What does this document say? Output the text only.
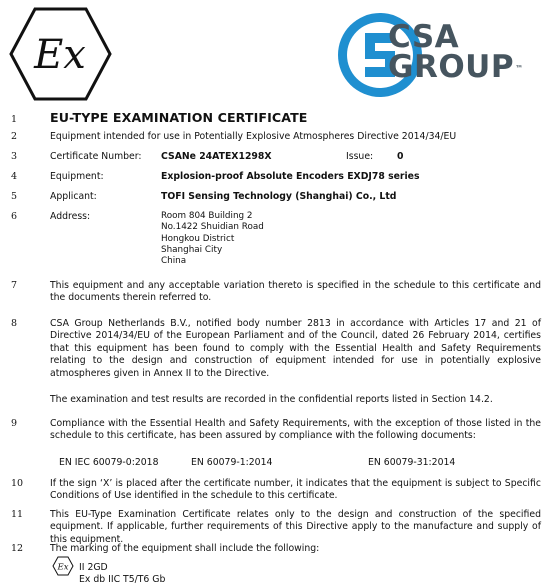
Ex	CSA
GROUP™
1	EU-TYPE EXAMINATION CERTIFICATE
2	Equipment intended for use in Potentially Explosive Atmospheres Directive 2014/34/EU
3	Certificate Number: CSANe 24ATEX1298X	Issue:	0
4	Equipment:	Explosion-proof Absolute Encoders EXDJ78 series
5	Applicant:	TOFI Sensing Technology (Shanghai) Co., Ltd
6	Address:	Room 804 Building 2
No.1422 Shuidian Road
Hongkou District
Shanghai City
China
7	This equipment and any acceptable variation thereto is specified in the schedule to this certificate and the documents therein referred to.
8	CSA Group Netherlands B.V., notified body number 2813 in accordance with Articles 17 and 21 of Directive 2014/34/EU of the European Parliament and of the Council, dated 26 February 2014, certifies that this equipment has been found to comply with the Essential Health and Safety Requirements relating to the design and construction of equipment intended for use in potentially explosive atmospheres given in Annex II to the Directive.
The examination and test results are recorded in the confidential reports listed in Section 14.2.
9	Compliance with the Essential Health and Safety Requirements, with the exception of those listed in the schedule to this certificate, has been assured by compliance with the following documents:
EN IEC 60079-0:2018	EN 60079-1:2014	EN 60079-31:2014
10	If the sign ‘X’ is placed after the certificate number, it indicates that the equipment is subject to Specific Conditions of Use identified in the schedule to this certificate.
11	This EU-Type Examination Certificate relates only to the design and construction of the specified equipment. If applicable, further requirements of this Directive apply to the manufacture and supply of this equipment.
12	The marking of the equipment shall include the following:
Ex II 2GD
Ex db IIC T5/T6 Gb
